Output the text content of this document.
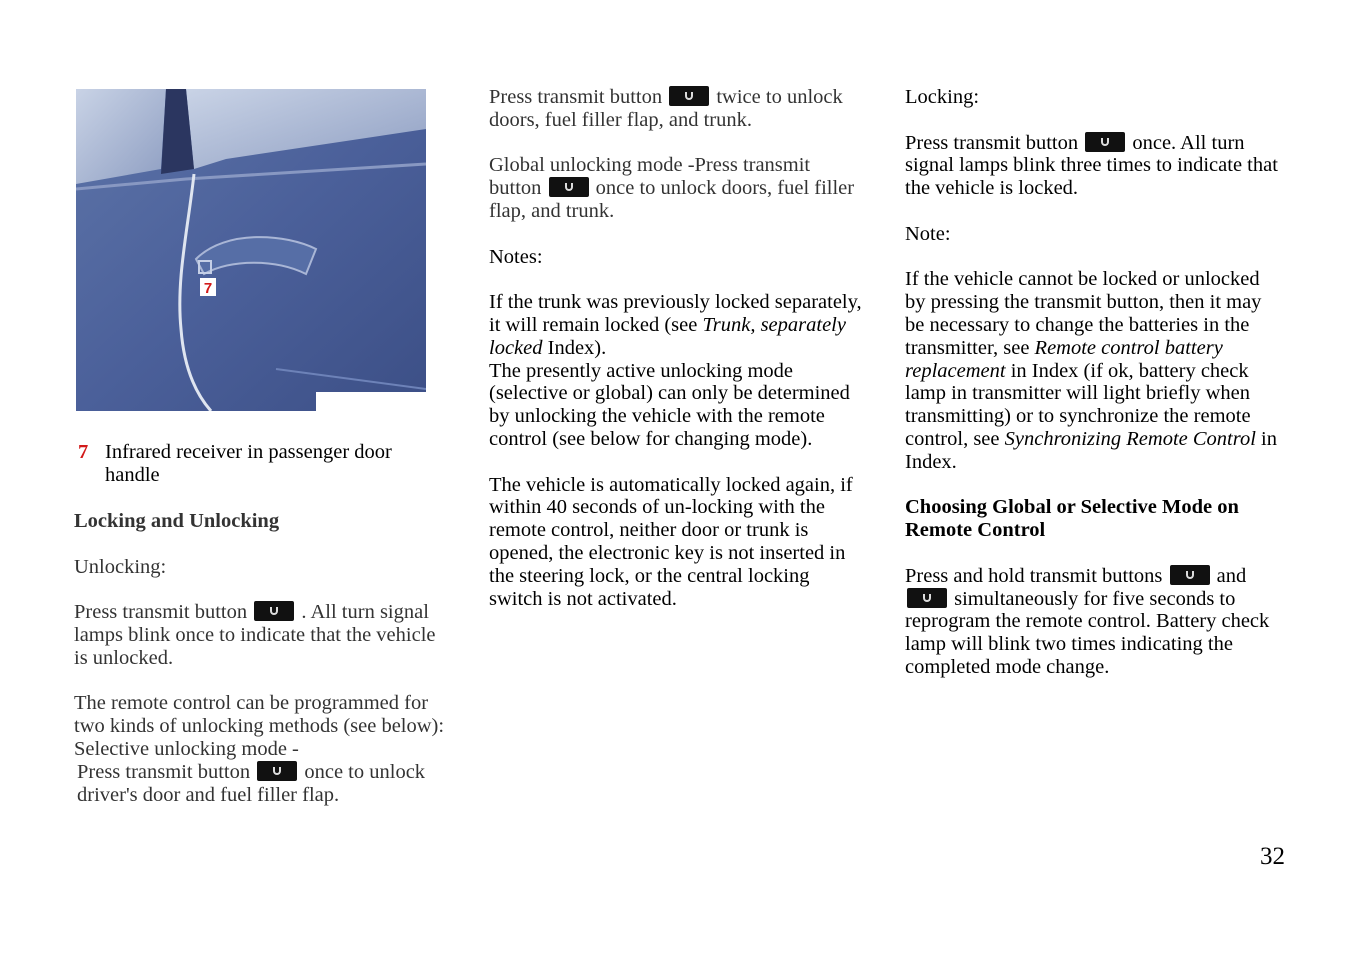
7
7 Infrared receiver in passenger door handle

Locking and Unlocking

Unlocking:

Press transmit button	. All turn signal lamps blink once to indicate that the vehicle is unlocked.

The remote control can be programmed for two kinds of unlocking methods (see below):

Selective unlocking mode -

Press transmit button	once to unlock driver's door and fuel filler flap.

Press transmit button	twice to unlock doors, fuel filler flap, and trunk.

Global unlocking mode -Press transmit button	once to unlock doors, fuel filler flap, and trunk.

Notes:

If the trunk was previously locked separately, it will remain locked (see Trunk, separately locked Index).

The presently active unlocking mode (selective or global) can only be determined by unlocking the vehicle with the remote control (see below for changing mode).

The vehicle is automatically locked again, if within 40 seconds of un-locking with the remote control, neither door or trunk is opened, the electronic key is not inserted in the steering lock, or the central locking switch is not activated.

Locking:

Press transmit button	once. All turn signal lamps blink three times to indicate that the vehicle is locked.

Note:

If the vehicle cannot be locked or unlocked by pressing the transmit button, then it may be necessary to change the batteries in the transmitter, see Remote control battery replacement in Index (if ok, battery check lamp in transmitter will light briefly when transmitting) or to synchronize the remote control, see Synchronizing Remote Control in Index.

Choosing Global or Selective Mode on Remote Control

Press and hold transmit buttons	and  simultaneously for five seconds to reprogram the remote control. Battery check lamp will blink two times indicating the completed mode change.

32
